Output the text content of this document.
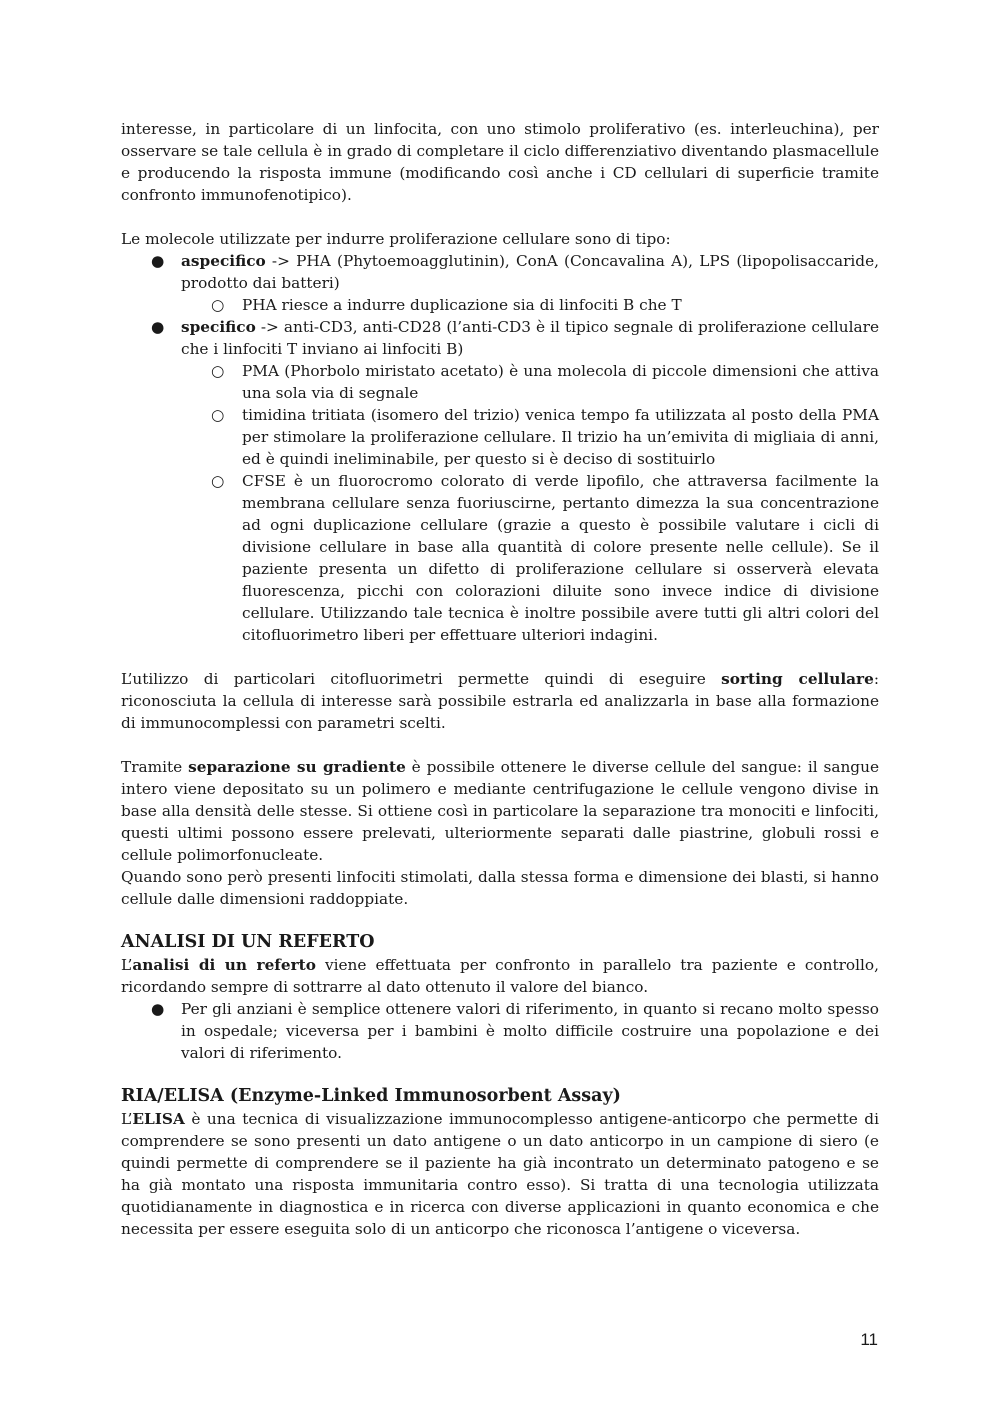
interesse, in particolare di un linfocita, con uno stimolo proliferativo (es. interleuchina), per osservare se tale cellula è in grado di completare il ciclo differenziativo diventando plasmacellule e producendo la risposta immune (modificando così anche i CD cellulari di superficie tramite confronto immunofenotipico).

Le molecole utilizzate per indurre proliferazione cellulare sono di tipo:

● aspecifico -> PHA (Phytoemoagglutinin), ConA (Concavalina A), LPS (lipopolisaccaride, prodotto dai batteri)
○ PHA riesce a indurre duplicazione sia di linfociti B che T
● specifico -> anti-CD3, anti-CD28 (l’anti-CD3 è il tipico segnale di proliferazione cellulare che i linfociti T inviano ai linfociti B)
○ PMA (Phorbolo miristato acetato) è una molecola di piccole dimensioni che attiva una sola via di segnale
○ timidina tritiata (isomero del trizio) venica tempo fa utilizzata al posto della PMA per stimolare la proliferazione cellulare. Il trizio ha un’emivita di migliaia di anni, ed è quindi ineliminabile, per questo si è deciso di sostituirlo
○ CFSE è un fluorocromo colorato di verde lipofilo, che attraversa facilmente la membrana cellulare senza fuoriuscirne, pertanto dimezza la sua concentrazione ad ogni duplicazione cellulare (grazie a questo è possibile valutare i cicli di divisione cellulare in base alla quantità di colore presente nelle cellule). Se il paziente presenta un difetto di proliferazione cellulare si osserverà elevata fluorescenza, picchi con colorazioni diluite sono invece indice di divisione cellulare. Utilizzando tale tecnica è inoltre possibile avere tutti gli altri colori del citofluorimetro liberi per effettuare ulteriori indagini.

L’utilizzo di particolari citofluorimetri permette quindi di eseguire sorting cellulare: riconosciuta la cellula di interesse sarà possibile estrarla ed analizzarla in base alla formazione di immunocomplessi con parametri scelti.

Tramite separazione su gradiente è possibile ottenere le diverse cellule del sangue: il sangue intero viene depositato su un polimero e mediante centrifugazione le cellule vengono divise in base alla densità delle stesse. Si ottiene così in particolare la separazione tra monociti e linfociti, questi ultimi possono essere prelevati, ulteriormente separati dalle piastrine, globuli rossi e cellule polimorfonucleate.

Quando sono però presenti linfociti stimolati, dalla stessa forma e dimensione dei blasti, si hanno cellule dalle dimensioni raddoppiate.

ANALISI DI UN REFERTO

L’analisi di un referto viene effettuata per confronto in parallelo tra paziente e controllo, ricordando sempre di sottrarre al dato ottenuto il valore del bianco.

● Per gli anziani è semplice ottenere valori di riferimento, in quanto si recano molto spesso in ospedale; viceversa per i bambini è molto difficile costruire una popolazione e dei valori di riferimento.
RIA/ELISA (Enzyme-Linked Immunosorbent Assay)

L’ELISA è una tecnica di visualizzazione immunocomplesso antigene-anticorpo che permette di comprendere se sono presenti un dato antigene o un dato anticorpo in un campione di siero (e quindi permette di comprendere se il paziente ha già incontrato un determinato patogeno e se ha già montato una risposta immunitaria contro esso). Si tratta di una tecnologia utilizzata quotidianamente in diagnostica e in ricerca con diverse applicazioni in quanto economica e che necessita per essere eseguita solo di un anticorpo che riconosca l’antigene o viceversa.

11
